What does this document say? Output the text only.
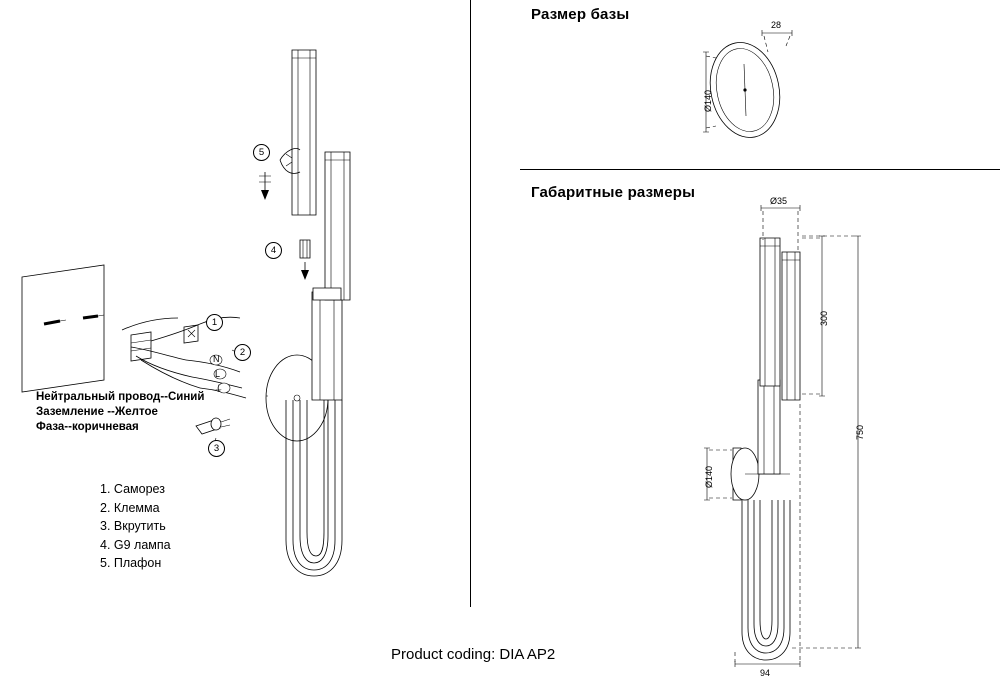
1
2
3
4
5
N
L
⏚
Нейтральный провод--Синий
Заземление --Желтое
Фаза--коричневая
1. Саморез
2. Клемма
3. Вкрутить
4. G9 лампа
5. Плафон
Размер базы
28
Ø140
Габаритные размеры	Ø35
300
750
Ø140
94
Product coding: DIA AP2
